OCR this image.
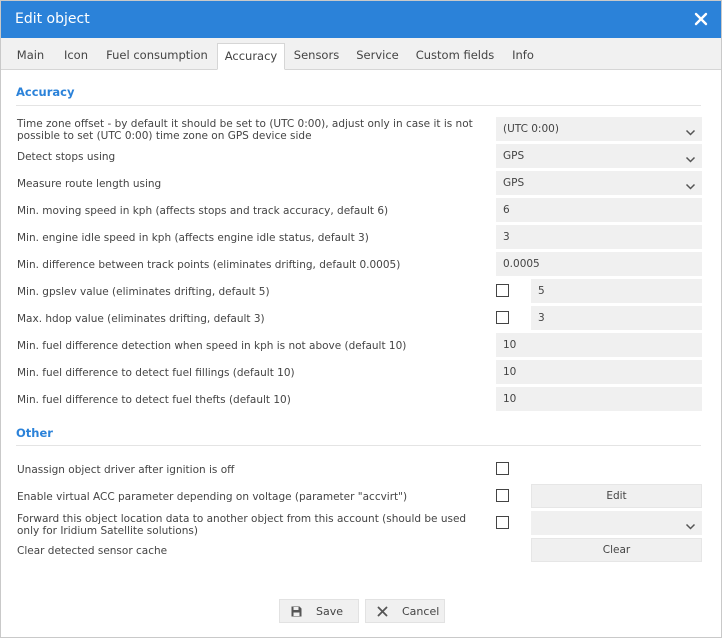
Edit object
Main	Icon	Fuel consumption	Accuracy	Sensors	Service	Custom fields	Info
Accuracy
Time zone offset - by default it should be set to (UTC 0:00), adjust only in case it is not
possible to set (UTC 0:00) time zone on GPS device side
(UTC 0:00)
Detect stops using	GPS
Measure route length using	GPS
Min. moving speed in kph (affects stops and track accuracy, default 6)	6
Min. engine idle speed in kph (affects engine idle status, default 3)	3
Min. difference between track points (eliminates drifting, default 0.0005)	0.0005
Min. gpslev value (eliminates drifting, default 5)	5
Max. hdop value (eliminates drifting, default 3)	3
Min. fuel difference detection when speed in kph is not above (default 10)	10
Min. fuel difference to detect fuel fillings (default 10)	10
Min. fuel difference to detect fuel thefts (default 10)	10
Other
Unassign object driver after ignition is off
Enable virtual ACC parameter depending on voltage (parameter "accvirt")	Edit
Forward this object location data to another object from this account (should be used
only for Iridium Satellite solutions)
Clear detected sensor cache	Clear
Save	Cancel
